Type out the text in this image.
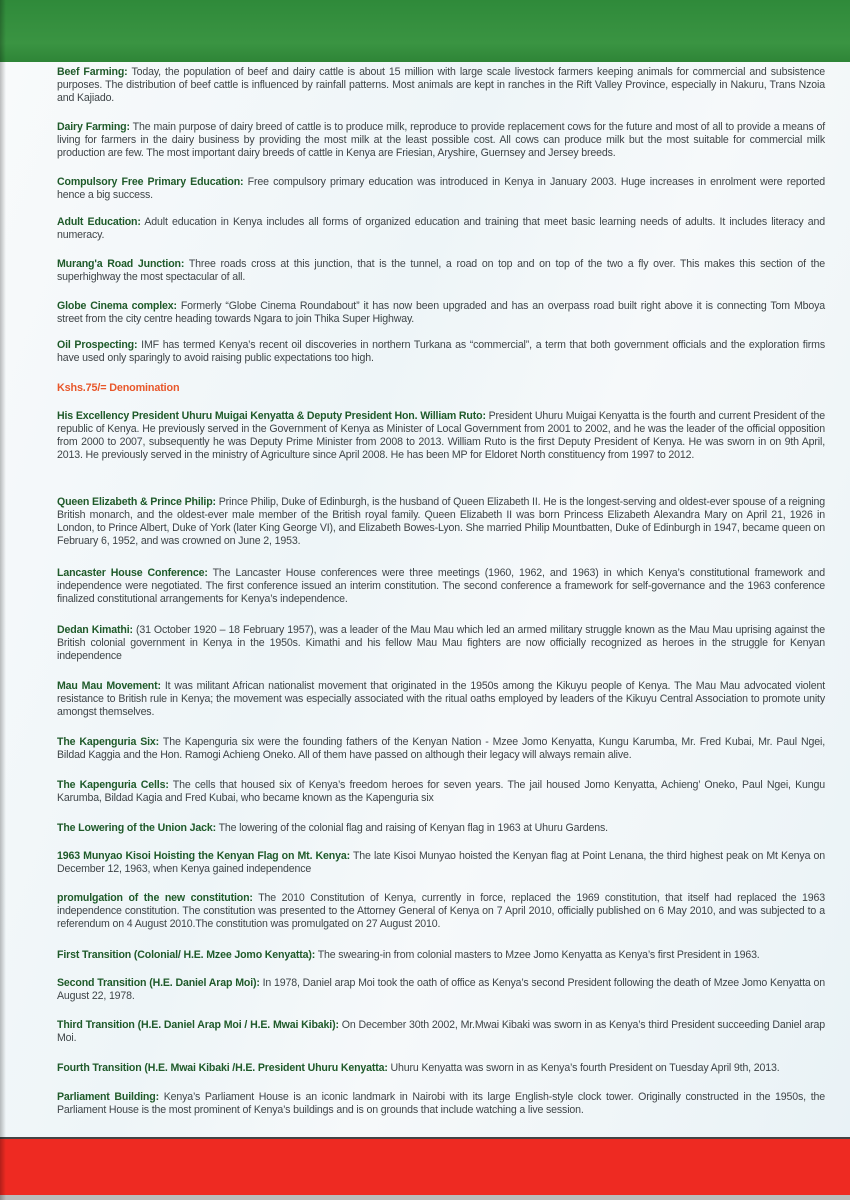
Beef Farming: Today, the population of beef and dairy cattle is about 15 million with large scale livestock farmers keeping animals for commercial and subsistence purposes. The distribution of beef cattle is influenced by rainfall patterns. Most animals are kept in ranches in the Rift Valley Province, especially in Nakuru, Trans Nzoia and Kajiado.

Dairy Farming: The main purpose of dairy breed of cattle is to produce milk, reproduce to provide replacement cows for the future and most of all to provide a means of living for farmers in the dairy business by providing the most milk at the least possible cost. All cows can produce milk but the most suitable for commercial milk production are few. The most important dairy breeds of cattle in Kenya are Friesian, Aryshire, Guernsey and Jersey breeds.

Compulsory Free Primary Education: Free compulsory primary education was introduced in Kenya in January 2003. Huge increases in enrolment were reported hence a big success.

Adult Education: Adult education in Kenya includes all forms of organized education and training that meet basic learning needs of adults. It includes literacy and numeracy.

Murang'a Road Junction: Three roads cross at this junction, that is the tunnel, a road on top and on top of the two a fly over. This makes this section of the superhighway the most spectacular of all.

Globe Cinema complex: Formerly “Globe Cinema Roundabout” it has now been upgraded and has an overpass road built right above it is connecting Tom Mboya street from the city centre heading towards Ngara to join Thika Super Highway.

Oil Prospecting: IMF has termed Kenya’s recent oil discoveries in northern Turkana as “commercial”, a term that both government officials and the exploration firms have used only sparingly to avoid raising public expectations too high.

Kshs.75/= Denomination

His Excellency President Uhuru Muigai Kenyatta & Deputy President Hon. William Ruto: President Uhuru Muigai Kenyatta is the fourth and current President of the republic of Kenya. He previously served in the Government of Kenya as Minister of Local Government from 2001 to 2002, and he was the leader of the official opposition from 2000 to 2007, subsequently he was Deputy Prime Minister from 2008 to 2013. William Ruto is the first Deputy President of Kenya. He was sworn in on 9th April, 2013. He previously served in the ministry of Agriculture since April 2008. He has been MP for Eldoret North constituency from 1997 to 2012.

Queen Elizabeth & Prince Philip: Prince Philip, Duke of Edinburgh, is the husband of Queen Elizabeth II. He is the longest-serving and oldest-ever spouse of a reigning British monarch, and the oldest-ever male member of the British royal family. Queen Elizabeth II was born Princess Elizabeth Alexandra Mary on April 21, 1926 in London, to Prince Albert, Duke of York (later King George VI), and Elizabeth Bowes-Lyon. She married Philip Mountbatten, Duke of Edinburgh in 1947, became queen on February 6, 1952, and was crowned on June 2, 1953.

Lancaster House Conference: The Lancaster House conferences were three meetings (1960, 1962, and 1963) in which Kenya’s constitutional framework and independence were negotiated. The first conference issued an interim constitution. The second conference a framework for self-governance and the 1963 conference finalized constitutional arrangements for Kenya’s independence.

Dedan Kimathi: (31 October 1920 – 18 February 1957), was a leader of the Mau Mau which led an armed military struggle known as the Mau Mau uprising against the British colonial government in Kenya in the 1950s. Kimathi and his fellow Mau Mau fighters are now officially recognized as heroes in the struggle for Kenyan independence

Mau Mau Movement: It was militant African nationalist movement that originated in the 1950s among the Kikuyu people of Kenya. The Mau Mau advocated violent resistance to British rule in Kenya; the movement was especially associated with the ritual oaths employed by leaders of the Kikuyu Central Association to promote unity amongst themselves.

The Kapenguria Six: The Kapenguria six were the founding fathers of the Kenyan Nation - Mzee Jomo Kenyatta, Kungu Karumba, Mr. Fred Kubai, Mr. Paul Ngei, Bildad Kaggia and the Hon. Ramogi Achieng Oneko. All of them have passed on although their legacy will always remain alive.

The Kapenguria Cells: The cells that housed six of Kenya’s freedom heroes for seven years. The jail housed Jomo Kenyatta, Achieng’ Oneko, Paul Ngei, Kungu Karumba, Bildad Kagia and Fred Kubai, who became known as the Kapenguria six

The Lowering of the Union Jack: The lowering of the colonial flag and raising of Kenyan flag in 1963 at Uhuru Gardens.

1963 Munyao Kisoi Hoisting the Kenyan Flag on Mt. Kenya: The late Kisoi Munyao hoisted the Kenyan flag at Point Lenana, the third highest peak on Mt Kenya on December 12, 1963, when Kenya gained independence

promulgation of the new constitution: The 2010 Constitution of Kenya, currently in force, replaced the 1969 constitution, that itself had replaced the 1963 independence constitution. The constitution was presented to the Attorney General of Kenya on 7 April 2010, officially published on 6 May 2010, and was subjected to a referendum on 4 August 2010.The constitution was promulgated on 27 August 2010.

First Transition (Colonial/ H.E. Mzee Jomo Kenyatta): The swearing-in from colonial masters to Mzee Jomo Kenyatta as Kenya’s first President in 1963.

Second Transition (H.E. Daniel Arap Moi): In 1978, Daniel arap Moi took the oath of office as Kenya’s second President following the death of Mzee Jomo Kenyatta on August 22, 1978.

Third Transition (H.E. Daniel Arap Moi / H.E. Mwai Kibaki): On December 30th 2002, Mr.Mwai Kibaki was sworn in as Kenya’s third President succeeding Daniel arap Moi.

Fourth Transition (H.E. Mwai Kibaki /H.E. President Uhuru Kenyatta: Uhuru Kenyatta was sworn in as Kenya’s fourth President on Tuesday April 9th, 2013.

Parliament Building: Kenya’s Parliament House is an iconic landmark in Nairobi with its large English-style clock tower. Originally constructed in the 1950s, the Parliament House is the most prominent of Kenya’s buildings and is on grounds that include watching a live session.
